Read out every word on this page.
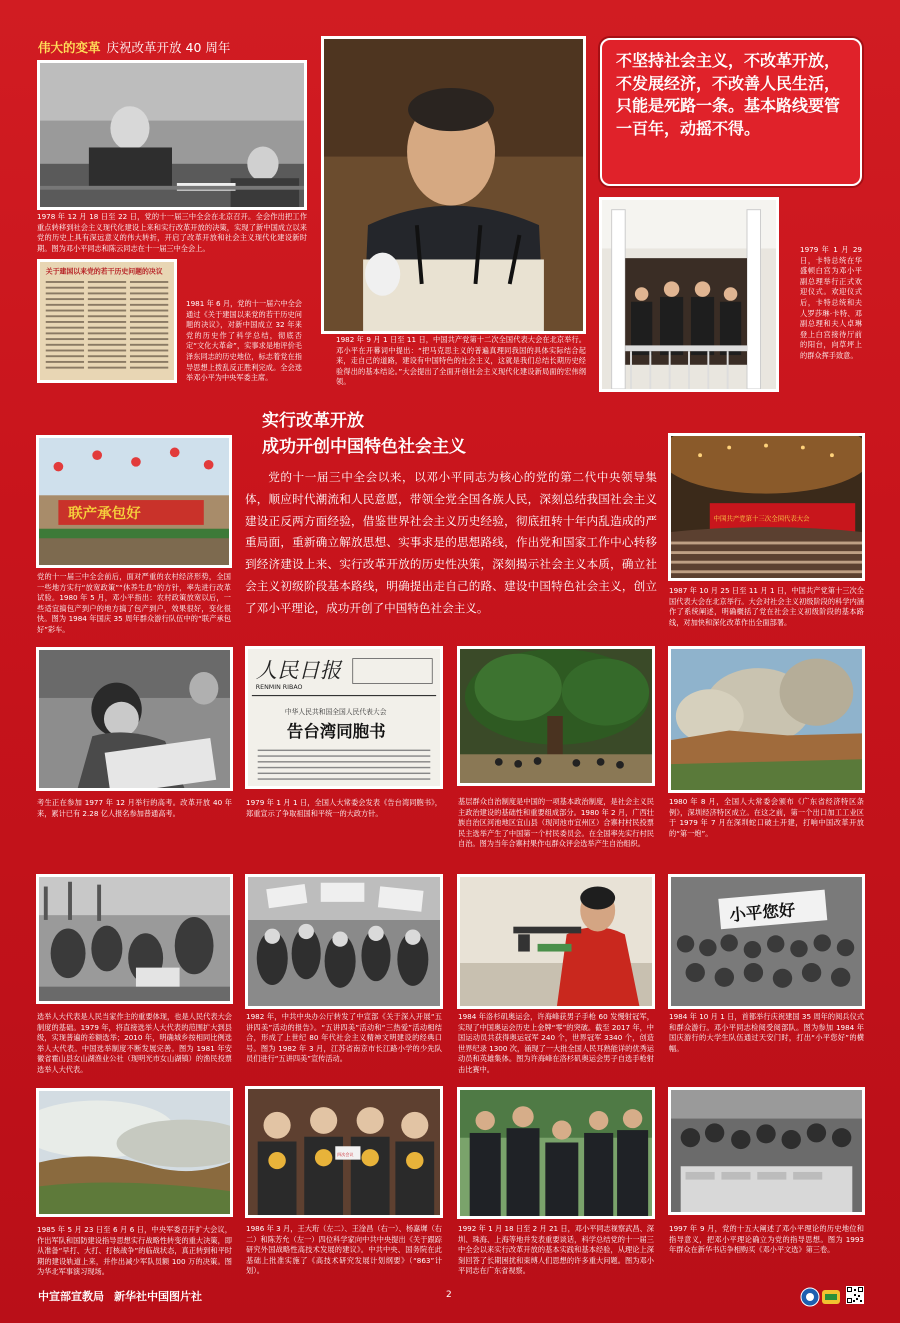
伟大的变革 庆祝改革开放 40 周年

1978 年 12 月 18 日至 22 日，党的十一届三中全会在北京召开。全会作出把工作重点转移到社会主义现代化建设上来和实行改革开放的决策，实现了新中国成立以来党的历史上具有深远意义的伟大转折，开启了改革开放和社会主义现代化建设新时期。图为邓小平同志和陈云同志在十一届三中全会上。

关于建国以来党的若干历史问题的决议

1981 年 6 月，党的十一届六中全会通过《关于建国以来党的若干历史问题的决议》，对新中国成立 32 年来党的历史作了科学总结，彻底否定“文化大革命”，实事求是地评价毛泽东同志的历史地位，标志着党在指导思想上拨乱反正胜利完成。全会选举邓小平为中央军委主席。

1982 年 9 月 1 日至 11 日，中国共产党第十二次全国代表大会在北京举行。邓小平在开幕词中提出：“把马克思主义的普遍真理同我国的具体实际结合起来，走自己的道路，建设有中国特色的社会主义，这就是我们总结长期历史经验得出的基本结论。”大会提出了全面开创社会主义现代化建设新局面的宏伟纲领。

不坚持社会主义，不改革开放，不发展经济，不改善人民生活，只能是死路一条。基本路线要管一百年，动摇不得。

1979 年 1 月 29 日，卡特总统在华盛顿白宫为邓小平副总理举行正式欢迎仪式。欢迎仪式后，卡特总统和夫人罗莎琳·卡特、邓副总理和夫人卓琳登上白宫接待厅前的阳台，向草坪上的群众挥手致意。

实行改革开放
成功开创中国特色社会主义

党的十一届三中全会以来，以邓小平同志为核心的党的第二代中央领导集体，顺应时代潮流和人民意愿，带领全党全国各族人民，深刻总结我国社会主义建设正反两方面经验，借鉴世界社会主义历史经验，彻底扭转十年内乱造成的严重局面，重新确立解放思想、实事求是的思想路线，作出党和国家工作中心转移到经济建设上来、实行改革开放的历史性决策，深刻揭示社会主义本质，确立社会主义初级阶段基本路线，明确提出走自己的路、建设中国特色社会主义，创立了邓小平理论，成功开创了中国特色社会主义。

联产承包好

党的十一届三中全会前后，面对严重的农村经济形势，全国一些地方实行“放宽政策”“休养生息”的方针，率先进行改革试验。1980 年 5 月，邓小平指出：农村政策放宽以后，一些适宜搞包产到户的地方搞了包产到户，效果很好，变化很快。图为 1984 年国庆 35 周年群众游行队伍中的“联产承包好”彩车。

中国共产党第十三次全国代表大会

1987 年 10 月 25 日至 11 月 1 日，中国共产党第十三次全国代表大会在北京举行。大会对社会主义初级阶段的科学内涵作了系统阐述，明确概括了党在社会主义初级阶段的基本路线，对加快和深化改革作出全面部署。

考生正在参加 1977 年 12 月举行的高考。改革开放 40 年来，累计已有 2.28 亿人报名参加普通高考。

人民日报
RENMIN RIBAO
中华人民共和国全国人民代表大会
告台湾同胞书

1979 年 1 月 1 日，全国人大常委会发表《告台湾同胞书》，郑重宣示了争取祖国和平统一的大政方针。

基层群众自治制度是中国的一项基本政治制度，是社会主义民主政治建设的基础性和重要组成部分。1980 年 2 月，广西壮族自治区河池地区宜山县（现河池市宜州区）合寨村村民投票民主选举产生了中国第一个村民委员会。在全国率先实行村民自治。图为当年合寨村果作屯群众评会选举产生自治组织。

1980 年 8 月，全国人大常委会颁布《广东省经济特区条例》，深圳经济特区成立。在这之前，第一个出口加工工业区于 1979 年 7 月在深圳蛇口破土开建，打响中国改革开放的“第一炮”。

选举人大代表是人民当家作主的重要体现，也是人民代表大会制度的基础。1979 年，将直接选举人大代表的范围扩大到县级，实现普遍的差额选举；2010 年，明确城乡按相同比例选举人大代表。中国选举制度不断发展完善。图为 1981 年安徽省霍山县女山湖渔业公社（现明光市女山湖镇）的渔民投票选举人大代表。

1982 年，中共中央办公厅转发了中宣部《关于深入开展“五讲四美”活动的报告》。“五讲四美”活动和“三热爱”活动相结合，形成了上世纪 80 年代社会主义精神文明建设的经典口号。图为 1982 年 3 月，江苏省南京市长江路小学的少先队员们进行“五讲四美”宣传活动。

1984 年洛杉矶奥运会，许海峰获男子手枪 60 发慢射冠军，实现了中国奥运会历史上金牌“零”的突破。截至 2017 年，中国运动员共获得奥运冠军 240 个，世界冠军 3340 个，创造世界纪录 1300 次，涌现了一大批全国人民耳熟能详的优秀运动员和英雄集体。图为许海峰在洛杉矶奥运会男子自选手枪射击比赛中。

小平您好

1984 年 10 月 1 日，首都举行庆祝建国 35 周年的阅兵仪式和群众游行。邓小平同志检阅受阅部队。图为参加 1984 年国庆游行的大学生队伍通过天安门时，打出“小平您好”的横幅。

1985 年 5 月 23 日至 6 月 6 日，中央军委召开扩大会议，作出军队和国防建设指导思想实行战略性转变的重大决策，即从准备“早打、大打、打核战争”的临战状态，真正转到和平时期的建设轨道上来，并作出减少军队员额 100 万的决策。图为华北军事演习现场。

四次会议

1986 年 3 月，王大珩（左二）、王淦昌（右一）、杨嘉墀（右二）和陈芳允（左一）四位科学家向中共中央提出《关于跟踪研究外国战略性高技术发展的建议》。中共中央、国务院在此基础上批准实施了《高技术研究发展计划纲要》（“863”计划）。

1992 年 1 月 18 日至 2 月 21 日，邓小平同志视察武昌、深圳、珠海、上海等地并发表重要谈话，科学总结党的十一届三中全会以来实行改革开放的基本实践和基本经验，从理论上深刻回答了长期困扰和束缚人们思想的许多重大问题。图为邓小平同志在广东省视察。

1997 年 9 月，党的十五大阐述了邓小平理论的历史地位和指导意义，把邓小平理论确立为党的指导思想。图为 1993 年群众在新华书店争相购买《邓小平文选》第三卷。

中宣部宣教局 新华社中国图片社	2
